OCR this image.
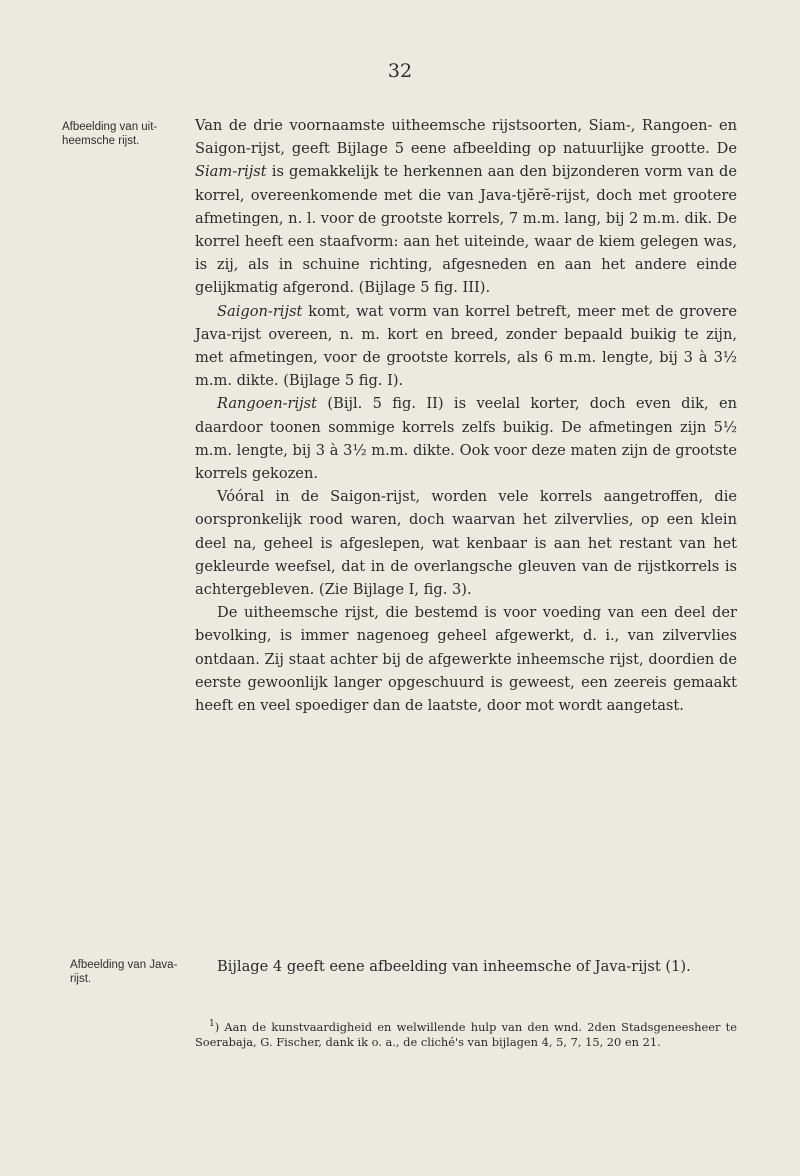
32
Afbeelding van uit-heemsche rijst.

Van de drie voornaamste uitheemsche rijstsoorten, Siam-, Rangoen- en Saigon-rijst, geeft Bijlage 5 eene afbeelding op natuurlijke grootte. De Siam-rijst is gemakkelijk te herkennen aan den bijzonderen vorm van de korrel, overeenkomende met die van Java-tjĕrĕ-rijst, doch met grootere afmetingen, n. l. voor de grootste korrels, 7 m.m. lang, bij 2 m.m. dik. De korrel heeft een staafvorm: aan het uiteinde, waar de kiem gelegen was, is zij, als in schuine richting, afgesneden en aan het andere einde gelijkmatig afgerond. (Bijlage 5 fig. III).

Saigon-rijst komt, wat vorm van korrel betreft, meer met de grovere Java-rijst overeen, n. m. kort en breed, zonder bepaald buikig te zijn, met afmetingen, voor de grootste korrels, als 6 m.m. lengte, bij 3 à 3½ m.m. dikte. (Bijlage 5 fig. I).

Rangoen-rijst (Bijl. 5 fig. II) is veelal korter, doch even dik, en daardoor toonen sommige korrels zelfs buikig. De afmetingen zijn 5½ m.m. lengte, bij 3 à 3½ m.m. dikte. Ook voor deze maten zijn de grootste korrels gekozen.

Vóóral in de Saigon-rijst, worden vele korrels aangetroffen, die oorspronkelijk rood waren, doch waarvan het zilvervlies, op een klein deel na, geheel is afgeslepen, wat kenbaar is aan het restant van het gekleurde weefsel, dat in de overlangsche gleuven van de rijstkorrels is achtergebleven. (Zie Bijlage I, fig. 3).

De uitheemsche rijst, die bestemd is voor voeding van een deel der bevolking, is immer nagenoeg geheel afgewerkt, d. i., van zilvervlies ontdaan. Zij staat achter bij de afgewerkte inheemsche rijst, doordien de eerste gewoonlijk langer opgeschuurd is geweest, een zeereis gemaakt heeft en veel spoediger dan de laatste, door mot wordt aangetast.

Afbeelding van Java-rijst.

Bijlage 4 geeft eene afbeelding van inheemsche of Java-rijst (1).

$^1$) Aan de kunstvaardigheid en welwillende hulp van den wnd. 2den Stadsgeneesheer te Soerabaja, G. Fischer, dank ik o. a., de cliché's van bijlagen 4, 5, 7, 15, 20 en 21.
